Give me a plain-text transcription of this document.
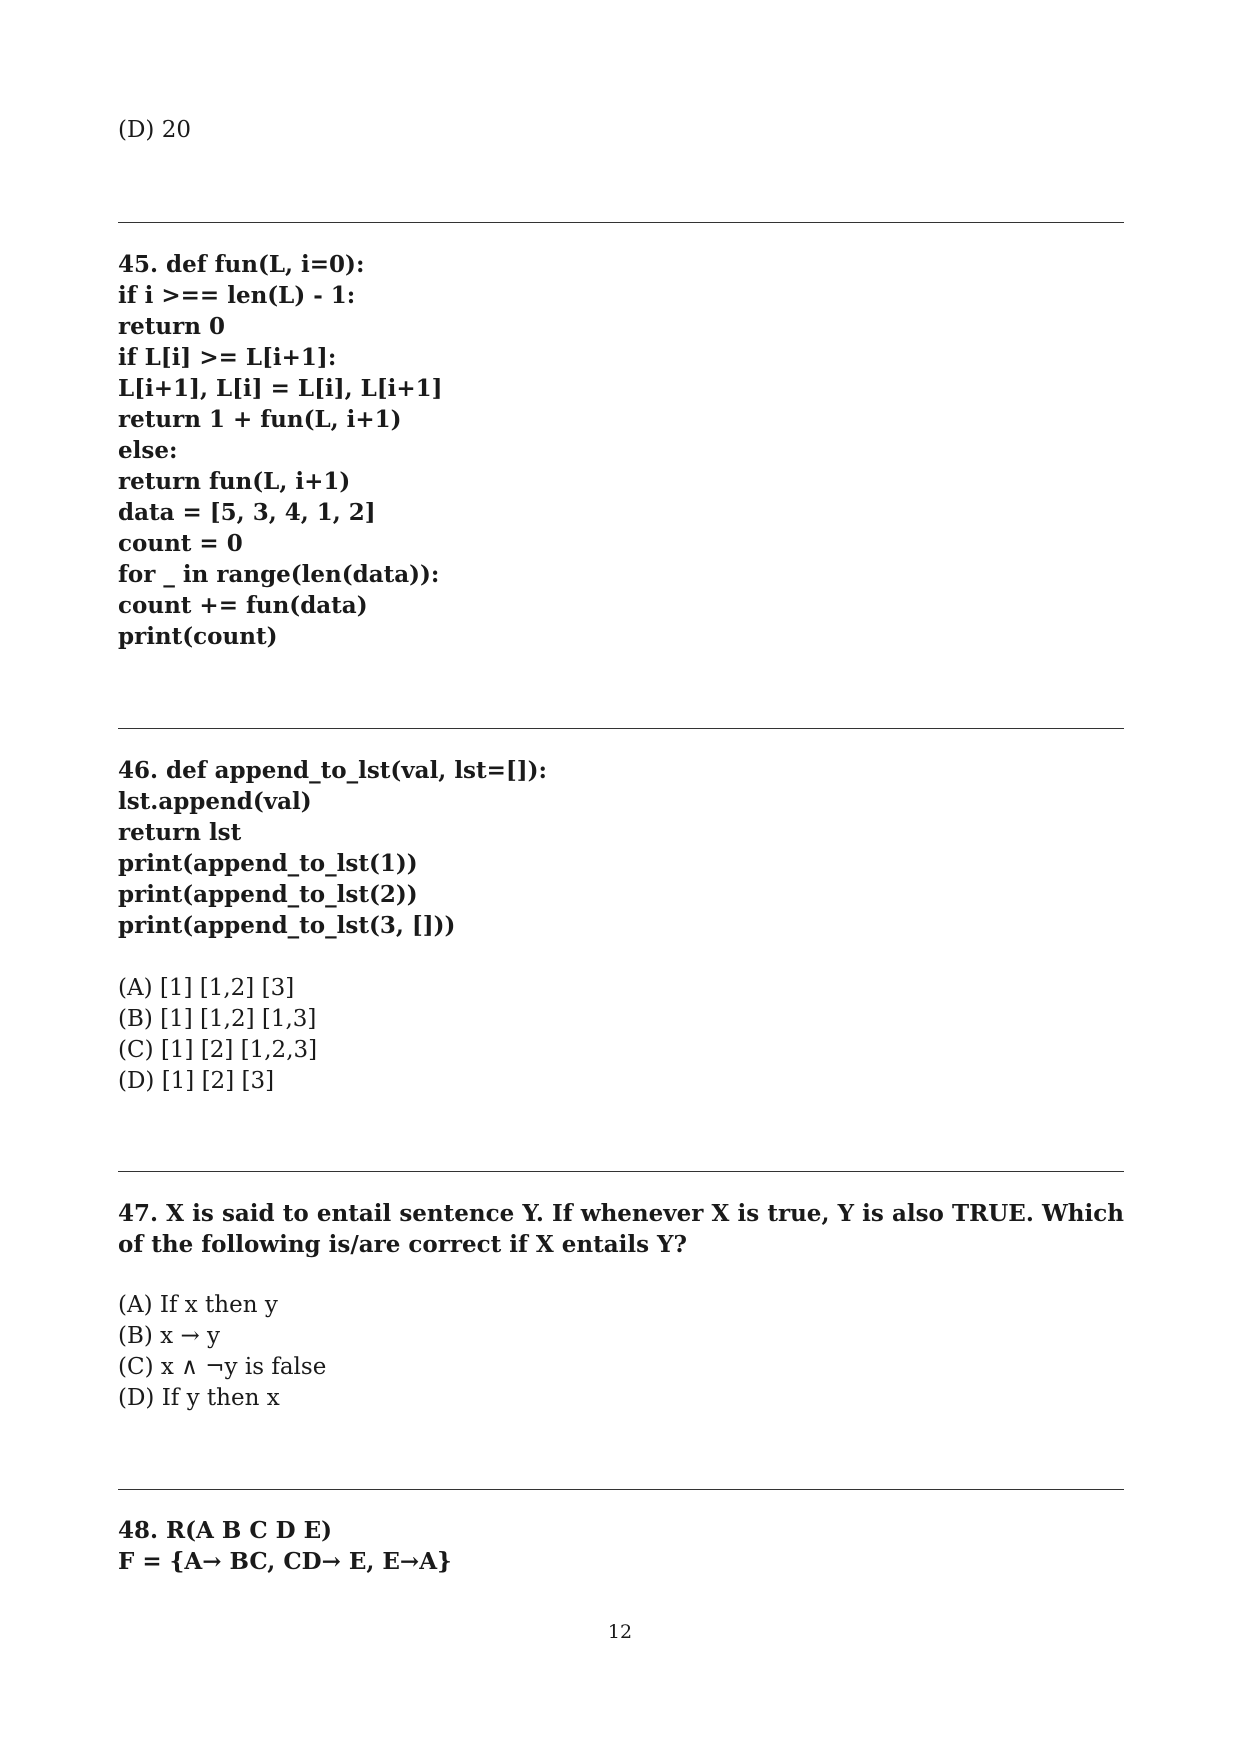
(D) 20
45. def fun(L, i=0):
if i >== len(L) - 1:
return 0
if L[i] >= L[i+1]:
L[i+1], L[i] = L[i], L[i+1]
return 1 + fun(L, i+1)
else:
return fun(L, i+1)
data = [5, 3, 4, 1, 2]
count = 0
for _ in range(len(data)):
count += fun(data)
print(count)
46. def append_to_lst(val, lst=[]):
lst.append(val)
return lst
print(append_to_lst(1))
print(append_to_lst(2))
print(append_to_lst(3, []))
(A) [1] [1,2] [3]
(B) [1] [1,2] [1,3]
(C) [1] [2] [1,2,3]
(D) [1] [2] [3]
47. X is said to entail sentence Y. If whenever X is true, Y is also TRUE. Which of the following is/are correct if X entails Y?
(A) If x then y
(B) x → y
(C) x ∧ ¬y is false
(D) If y then x
48. R(A B C D E)
F = {A→ BC, CD→ E, E→A}
12
